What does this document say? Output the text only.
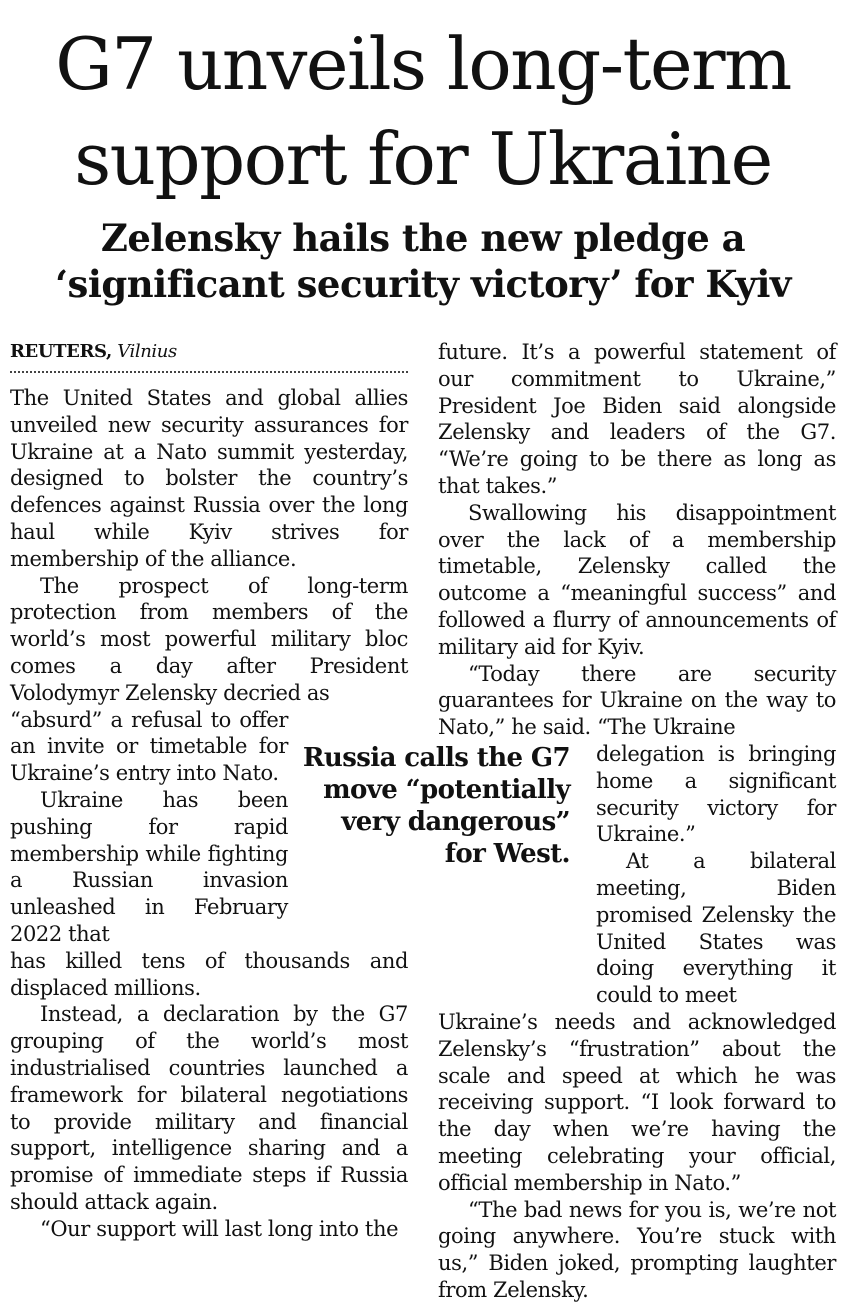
G7 unveils long-term
support for Ukraine
Zelensky hails the new pledge a
‘significant security victory’ for Kyiv
REUTERS, Vilnius

The United States and global allies unveiled new security assurances for Ukraine at a Nato summit yesterday, designed to bolster the country’s defences against Russia over the long haul while Kyiv strives for membership of the alliance.

The prospect of long-term protection from members of the world’s most powerful military bloc comes a day after President Volodymyr Zelensky decried as

“absurd” a refusal to offer an invite or timetable for Ukraine’s entry into Nato.

Ukraine has been pushing for rapid membership while fighting a Russian invasion unleashed in February 2022 that

has killed tens of thousands and displaced millions.

Instead, a declaration by the G7 grouping of the world’s most industrialised countries launched a framework for bilateral negotiations to provide military and financial support, intelligence sharing and a promise of immediate steps if Russia should attack again.

“Our support will last long into the

Russia calls the G7 move “potentially very dangerous” for West.

future. It’s a powerful statement of our commitment to Ukraine,” President Joe Biden said alongside Zelensky and leaders of the G7. “We’re going to be there as long as that takes.”

Swallowing his disappointment over the lack of a membership timetable, Zelensky called the outcome a “meaningful success” and followed a flurry of announcements of military aid for Kyiv.

“Today there are security guarantees for Ukraine on the way to Nato,” he said. “The Ukraine

delegation is bringing home a significant security victory for Ukraine.”

At a bilateral meeting, Biden promised Zelensky the United States was doing everything it could to meet

Ukraine’s needs and acknowledged Zelensky’s “frustration” about the scale and speed at which he was receiving support. “I look forward to the day when we’re having the meeting celebrating your official, official membership in Nato.”

“The bad news for you is, we’re not going anywhere. You’re stuck with us,” Biden joked, prompting laughter from Zelensky.
